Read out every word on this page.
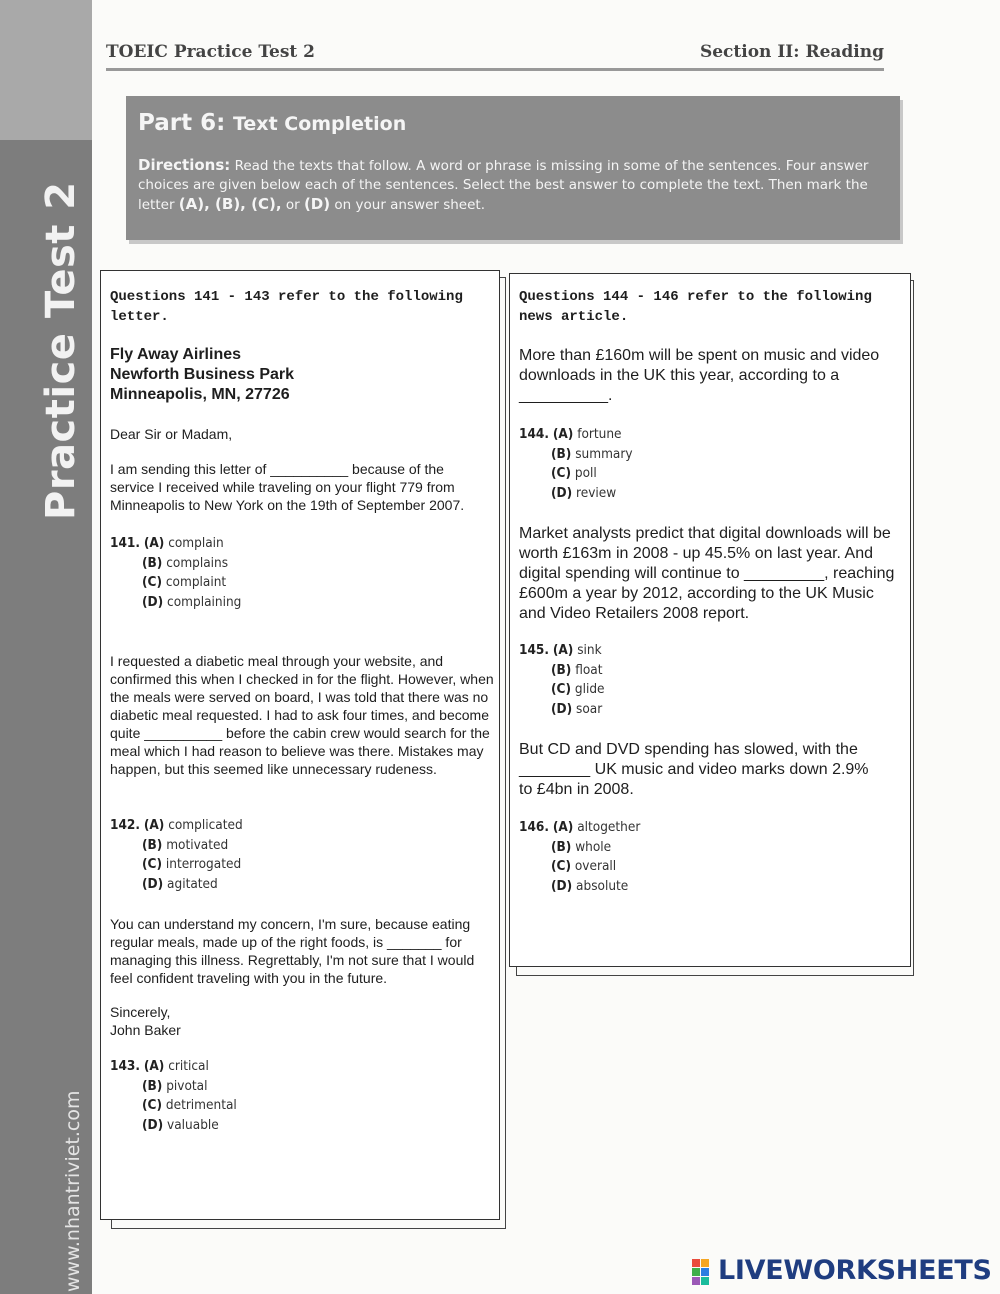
Practice Test 2
www.nhantriviet.com
TOEIC Practice Test 2	Section II: Reading
Part 6: Text Completion
Directions: Read the texts that follow. A word or phrase is missing in some of the sentences. Four answer choices are given below each of the sentences. Select the best answer to complete the text. Then mark the letter (A), (B), (C), or (D) on your answer sheet.
Questions 141 - 143 refer to the following letter.
Fly Away Airlines
Newforth Business Park
Minneapolis, MN, 27726
Dear Sir or Madam,
I am sending this letter of __________ because of the service I received while traveling on your flight 779 from Minneapolis to New York on the 19th of September 2007.
141. (A) complain
(B) complains
(C) complaint
(D) complaining
I requested a diabetic meal through your website, and confirmed this when I checked in for the flight. However, when the meals were served on board, I was told that there was no diabetic meal requested. I had to ask four times, and become quite __________ before the cabin crew would search for the meal which I had reason to believe was there. Mistakes may happen, but this seemed like unnecessary rudeness.
142. (A) complicated
(B) motivated
(C) interrogated
(D) agitated
You can understand my concern, I'm sure, because eating regular meals, made up of the right foods, is _______ for managing this illness. Regrettably, I'm not sure that I would feel confident traveling with you in the future.
Sincerely,
John Baker
143. (A) critical
(B) pivotal
(C) detrimental
(D) valuable
Questions 144 - 146 refer to the following news article.
More than £160m will be spent on music and video downloads in the UK this year, according to a __________.
144. (A) fortune
(B) summary
(C) poll
(D) review
Market analysts predict that digital downloads will be worth £163m in 2008 - up 45.5% on last year. And digital spending will continue to _________, reaching £600m a year by 2012, according to the UK Music and Video Retailers 2008 report.
145. (A) sink
(B) float
(C) glide
(D) soar
But CD and DVD spending has slowed, with the ________ UK music and video marks down 2.9% to £4bn in 2008.
146. (A) altogether
(B) whole
(C) overall
(D) absolute
LIVEWORKSHEETS
